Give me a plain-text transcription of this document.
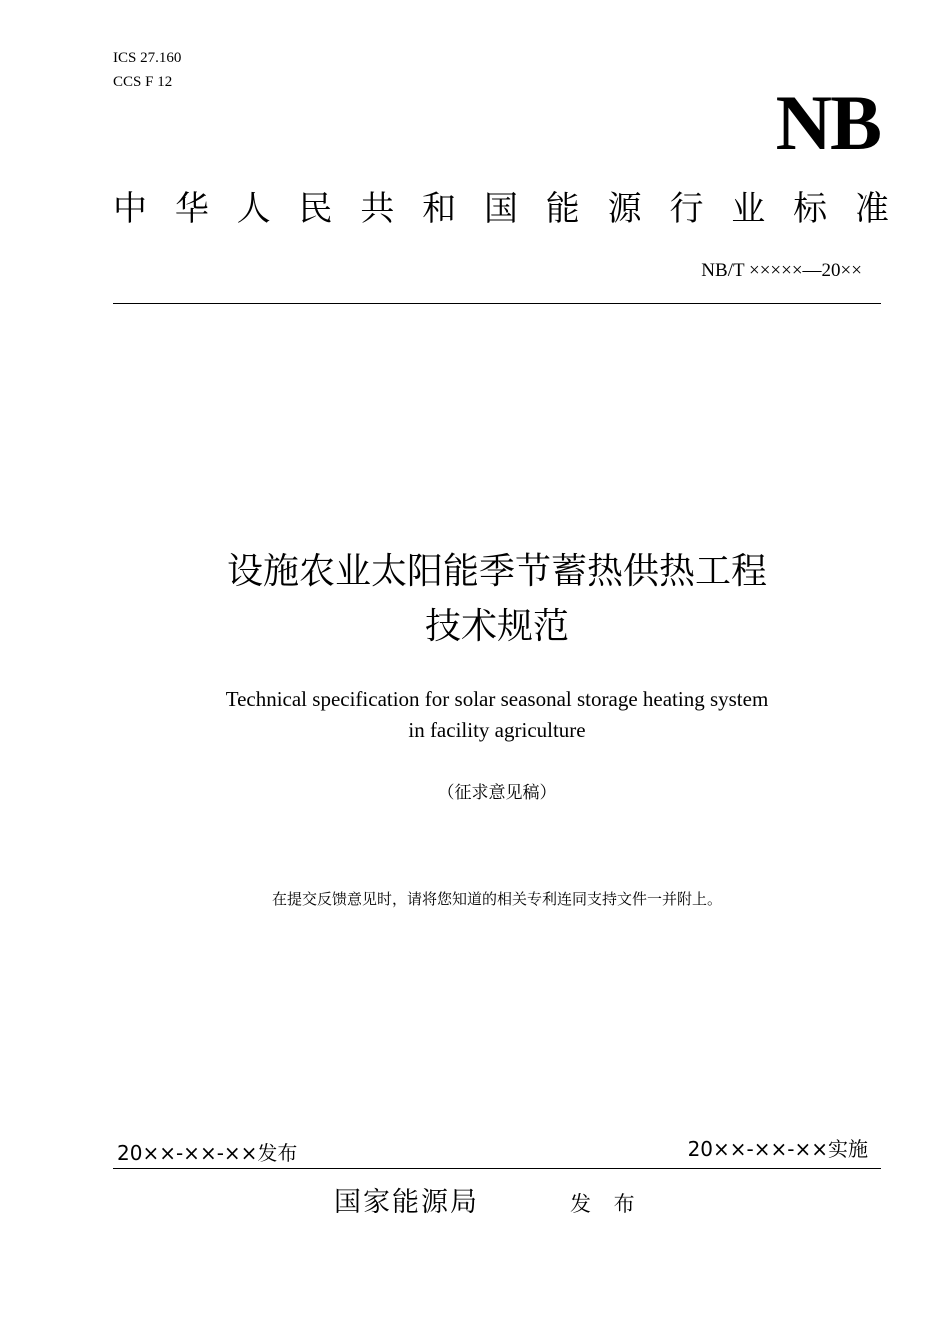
ICS 27.160
CCS F 12	NB
中 华 人 民 共 和 国 能 源 行 业 标 准
NB/T ×××××—20××
设施农业太阳能季节蓄热供热工程
技术规范
Technical specification for solar seasonal storage heating system
in facility agriculture
（征求意见稿）
在提交反馈意见时，请将您知道的相关专利连同支持文件一并附上。
20××-××-××发布	20××-××-××实施
国家能源局	发 布
